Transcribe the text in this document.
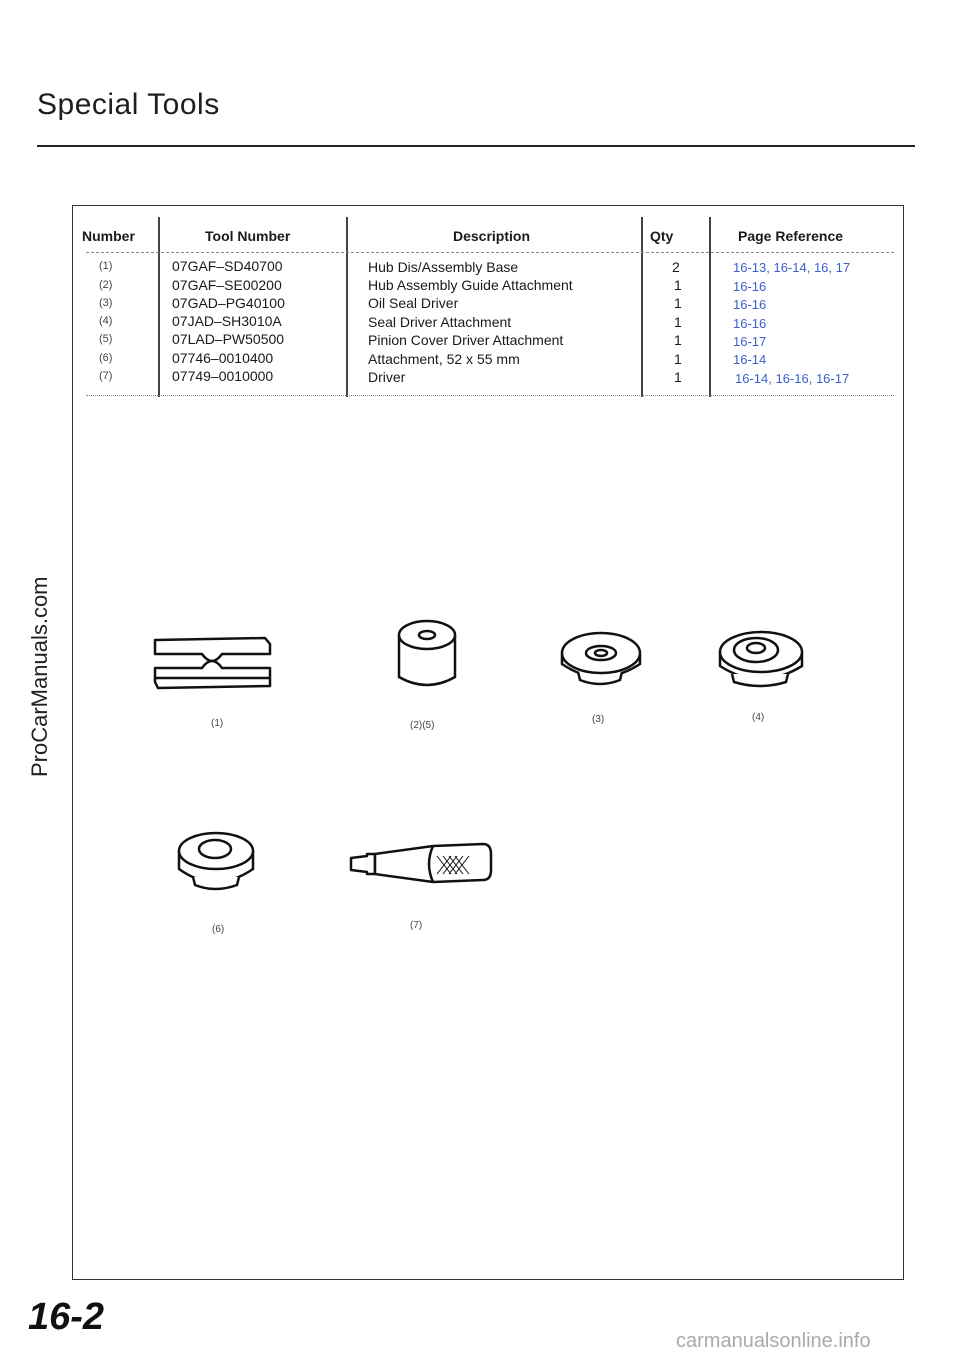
Special Tools
Number	Tool Number	Description	Qty	Page Reference
(1)	07GAF–SD40700	Hub Dis/Assembly Base	2	16-13, 16-14, 16, 17
(2)	07GAF–SE00200	Hub Assembly Guide Attachment	1	16-16
(3)	07GAD–PG40100	Oil Seal Driver	1	16-16
(4)	07JAD–SH3010A	Seal Driver Attachment	1	16-16
(5)	07LAD–PW50500	Pinion Cover Driver Attachment	1	16-17
(6)	07746–0010400	Attachment, 52 x 55 mm	1	16-14
(7)	07749–0010000	Driver	1	16-14, 16-16, 16-17
(1)	(2)(5)
(3)	(4)
(6)	(7)
ProCarManuals.com
16-2
carmanualsonline.info
